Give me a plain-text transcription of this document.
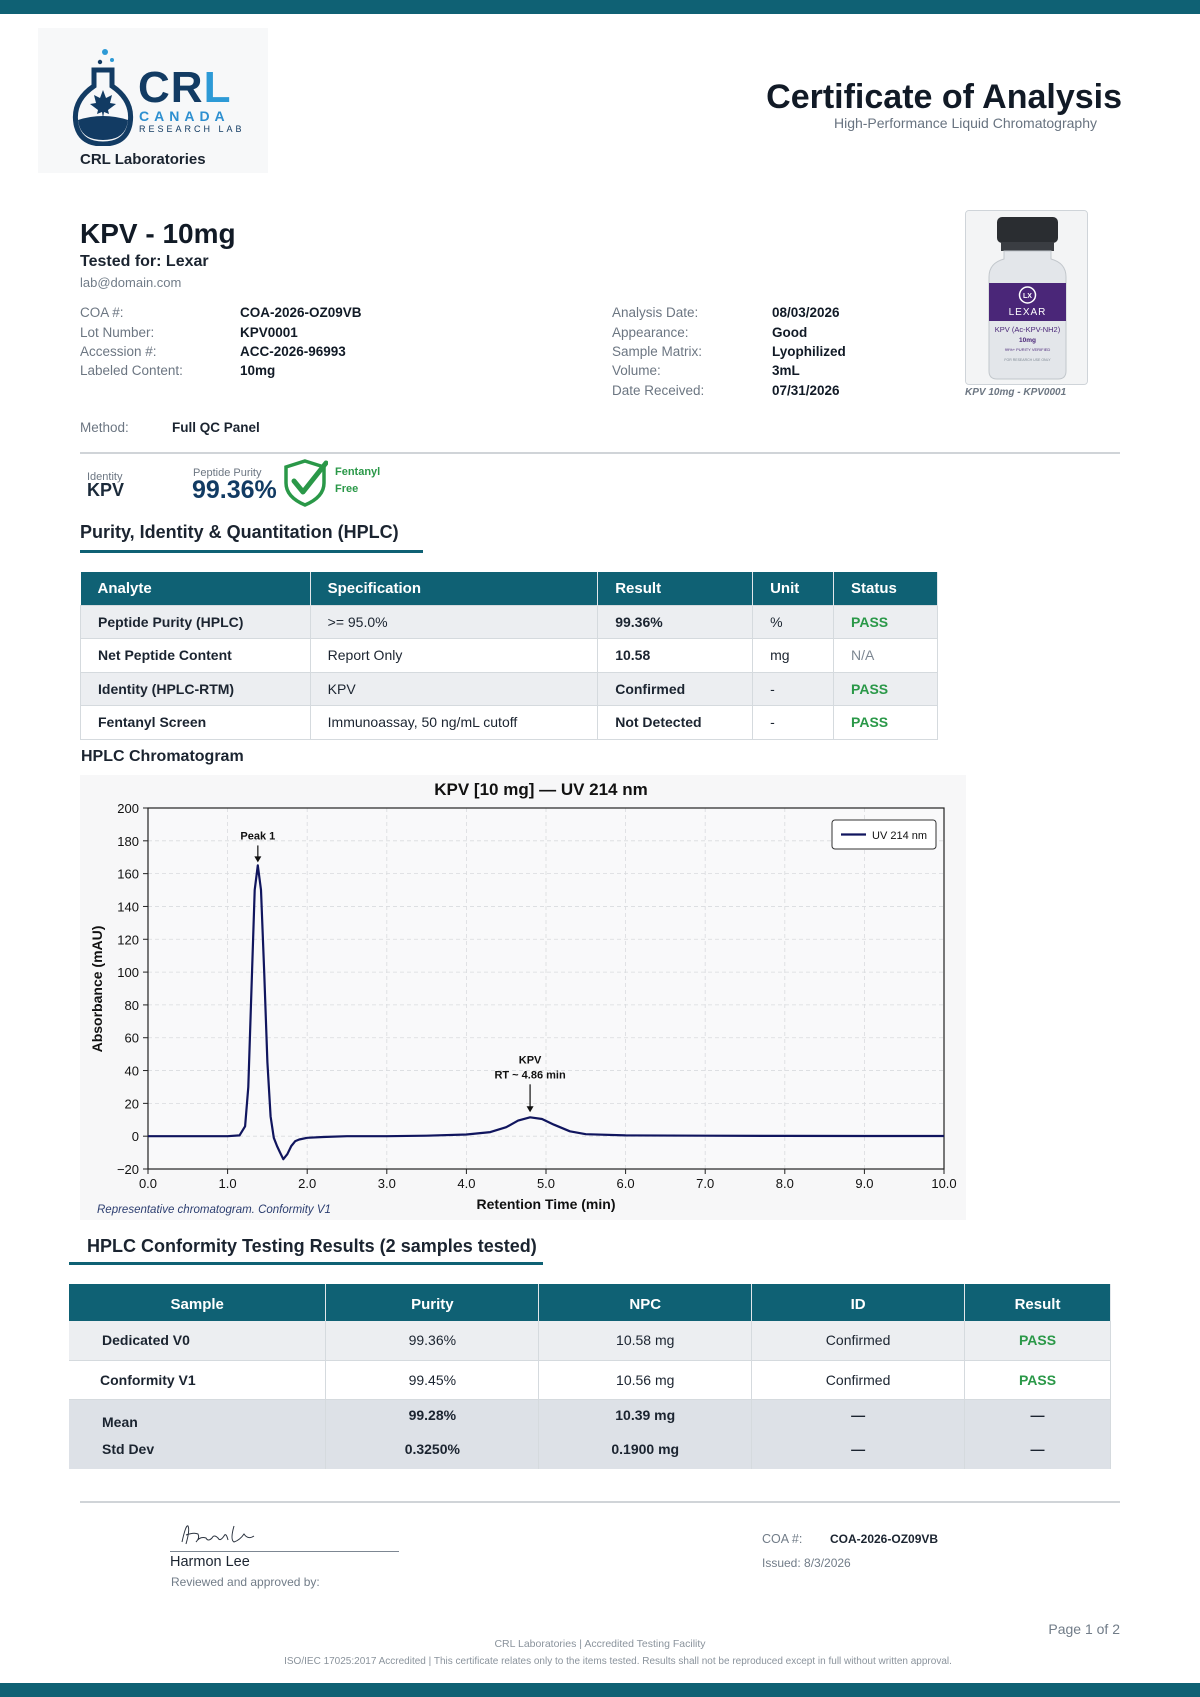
CRL
CANADA
RESEARCH LAB
CRL Laboratories
Certificate of Analysis
High-Performance Liquid Chromatography
KPV - 10mg
Tested for: Lexar
lab@domain.com
COA #:	COA-2026-OZ09VB
Lot Number:	KPV0001
Accession #:	ACC-2026-96993
Labeled Content:	10mg
Analysis Date:	08/03/2026
Appearance:	Good
Sample Matrix:	Lyophilized
Volume:	3mL
Date Received:	07/31/2026
LX
LEXAR
KPV (Ac-KPV-NH2)
10mg
99%+ PURITY VERIFIED
FOR RESEARCH USE ONLY
KPV 10mg - KPV0001
Method:	Full QC Panel
Identity
KPV
Peptide Purity
99.36%
Fentanyl
Free
Purity, Identity & Quantitation (HPLC)
Analyte	Specification	Result	Unit	Status
Peptide Purity (HPLC)	>= 95.0%	99.36%	%	PASS
Net Peptide Content	Report Only	10.58	mg	N/A
Identity (HPLC-RTM)	KPV	Confirmed	-	PASS
Fentanyl Screen	Immunoassay, 50 ng/mL cutoff	Not Detected	-	PASS
HPLC Chromatogram
0.0	1.0	2.0	3.0	4.0	5.0	6.0	7.0	8.0	9.0	10.0
−20
0
20
40
60
80
100
120
140
160
180
200
Peak 1
KPV
RT ~ 4.86 min
KPV [10 mg] — UV 214 nm
Retention Time (min)
Absorbance (mAU)
UV 214 nm
Representative chromatogram. Conformity V1
HPLC Conformity Testing Results (2 samples tested)
Sample	Purity	NPC	ID	Result
Dedicated V0	99.36%	10.58 mg	Confirmed	PASS
Conformity V1	99.45%	10.56 mg	Confirmed	PASS
Mean	99.28%	10.39 mg	—	—
Std Dev	0.3250%	0.1900 mg	—	—
Harmon Lee
Reviewed and approved by:
COA #: COA-2026-OZ09VB
Issued: 8/3/2026
Page 1 of 2
CRL Laboratories | Accredited Testing Facility
ISO/IEC 17025:2017 Accredited | This certificate relates only to the items tested. Results shall not be reproduced except in full without written approval.
